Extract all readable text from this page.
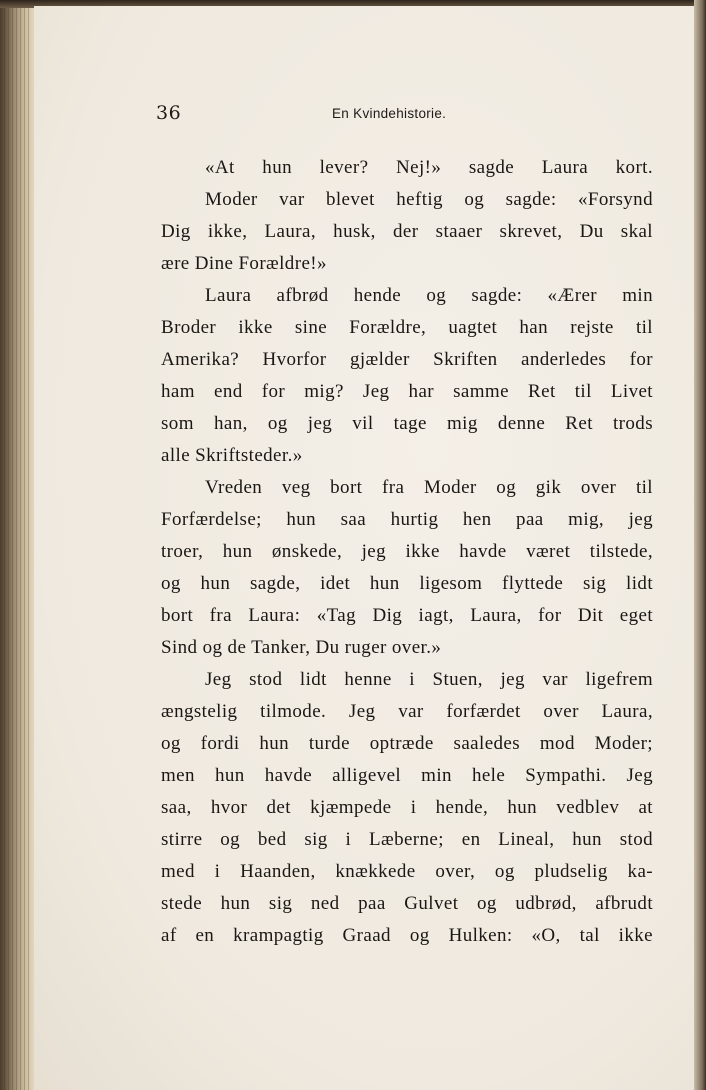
36	En Kvindehistorie.
«At hun lever? Nej!» sagde Laura kort.
Moder var blevet heftig og sagde: «Forsynd
Dig ikke, Laura, husk, der staaer skrevet, Du skal
ære Dine Forældre!»
Laura afbrød hende og sagde: «Ærer min
Broder ikke sine Forældre, uagtet han rejste til
Amerika? Hvorfor gjælder Skriften anderledes for
ham end for mig? Jeg har samme Ret til Livet
som han, og jeg vil tage mig denne Ret trods
alle Skriftsteder.»
Vreden veg bort fra Moder og gik over til
Forfærdelse; hun saa hurtig hen paa mig, jeg
troer, hun ønskede, jeg ikke havde været tilstede,
og hun sagde, idet hun ligesom flyttede sig lidt
bort fra Laura: «Tag Dig iagt, Laura, for Dit eget
Sind og de Tanker, Du ruger over.»
Jeg stod lidt henne i Stuen, jeg var ligefrem
ængstelig tilmode. Jeg var forfærdet over Laura,
og fordi hun turde optræde saaledes mod Moder;
men hun havde alligevel min hele Sympathi. Jeg
saa, hvor det kjæmpede i hende, hun vedblev at
stirre og bed sig i Læberne; en Lineal, hun stod
med i Haanden, knækkede over, og pludselig ka-
stede hun sig ned paa Gulvet og udbrød, afbrudt
af en krampagtig Graad og Hulken: «O, tal ikke
